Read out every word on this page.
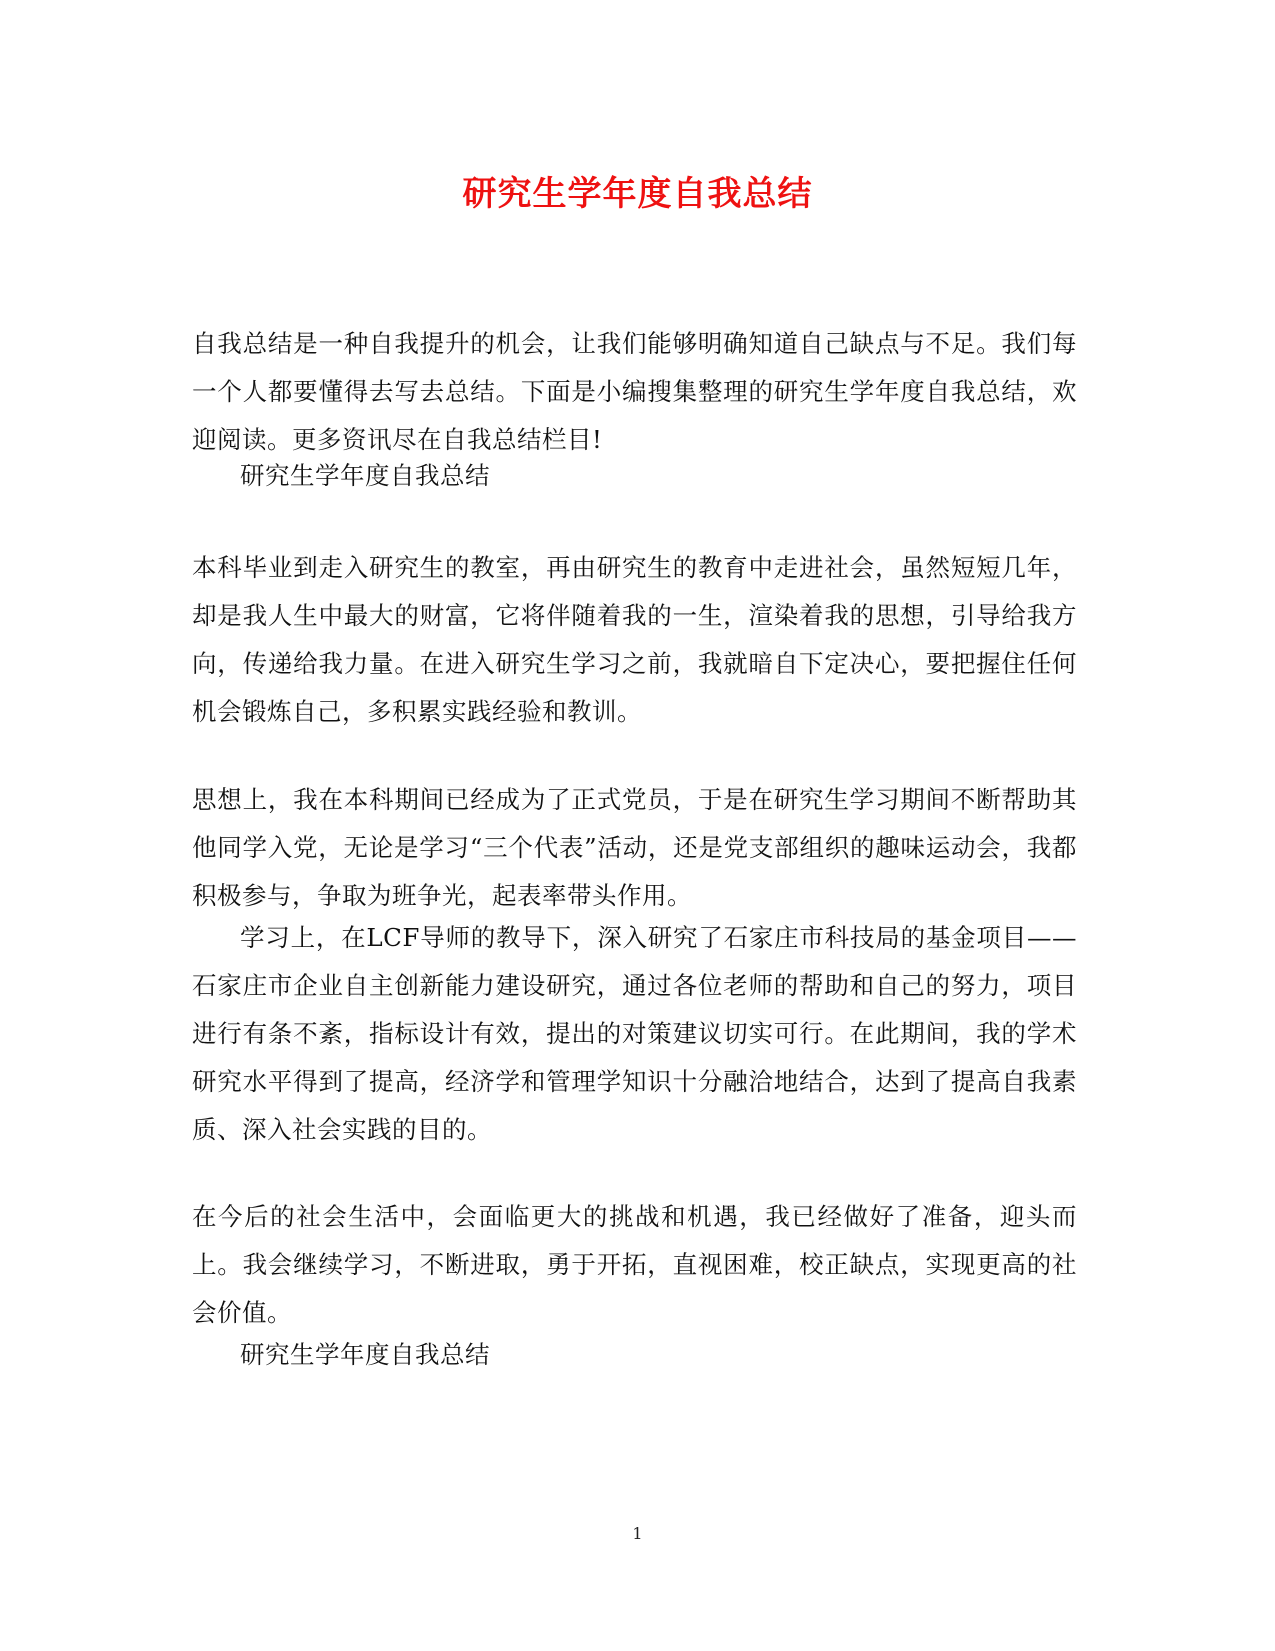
研究生学年度自我总结
自我总结是一种自我提升的机会，让我们能够明确知道自己缺点与不足。我们每一个人都要懂得去写去总结。下面是小编搜集整理的研究生学年度自我总结，欢迎阅读。更多资讯尽在自我总结栏目!
研究生学年度自我总结
本科毕业到走入研究生的教室，再由研究生的教育中走进社会，虽然短短几年，却是我人生中最大的财富，它将伴随着我的一生，渲染着我的思想，引导给我方向，传递给我力量。在进入研究生学习之前，我就暗自下定决心，要把握住任何机会锻炼自己，多积累实践经验和教训。
思想上，我在本科期间已经成为了正式党员，于是在研究生学习期间不断帮助其他同学入党，无论是学习“三个代表”活动，还是党支部组织的趣味运动会，我都积极参与，争取为班争光，起表率带头作用。
学习上，在LCF导师的教导下，深入研究了石家庄市科技局的基金项目——石家庄市企业自主创新能力建设研究，通过各位老师的帮助和自己的努力，项目进行有条不紊，指标设计有效，提出的对策建议切实可行。在此期间，我的学术研究水平得到了提高，经济学和管理学知识十分融洽地结合，达到了提高自我素质、深入社会实践的目的。
在今后的社会生活中，会面临更大的挑战和机遇，我已经做好了准备，迎头而上。我会继续学习，不断进取，勇于开拓，直视困难，校正缺点，实现更高的社会价值。
研究生学年度自我总结
1
